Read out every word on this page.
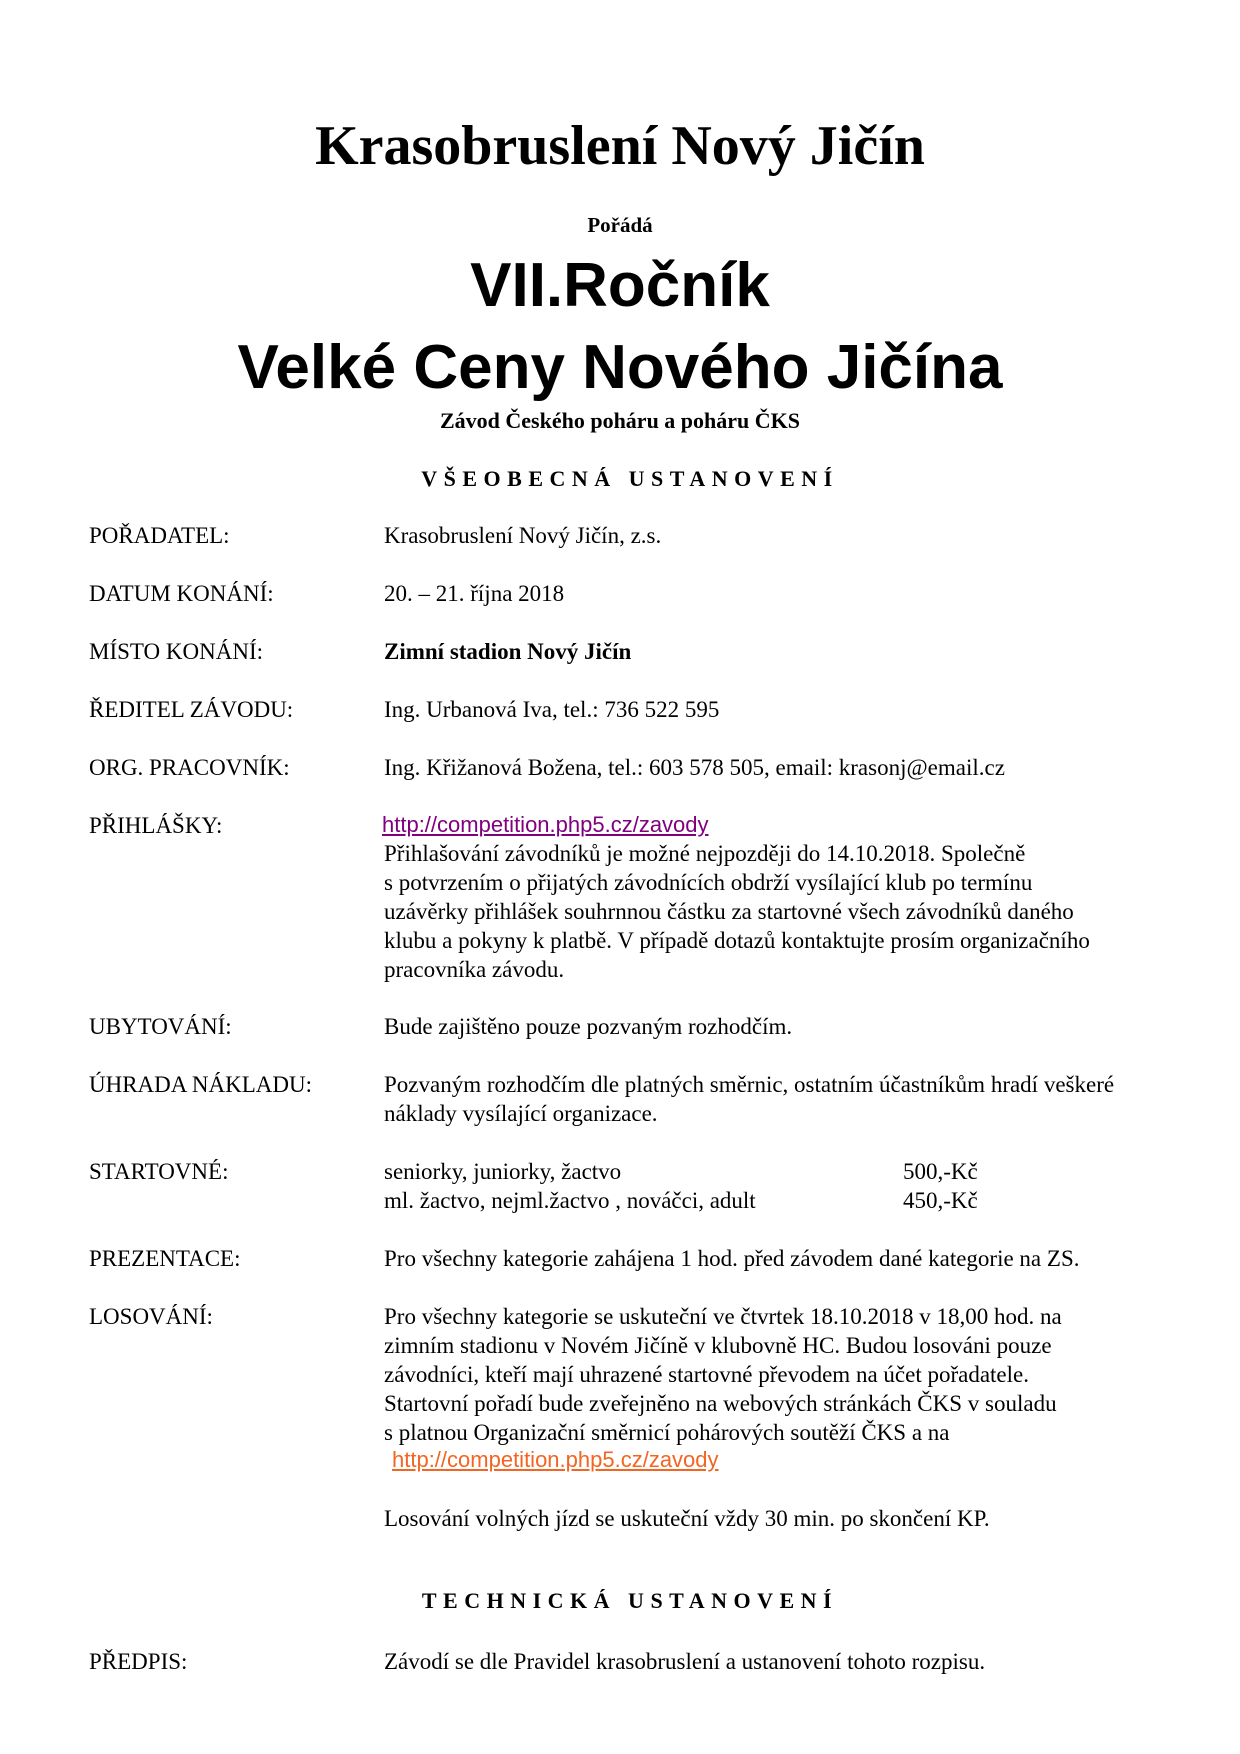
Krasobruslení Nový Jičín
Pořádá
VII.Ročník
Velké Ceny Nového Jičína
Závod Českého poháru a poháru ČKS
VŠEOBECNÁ USTANOVENÍ
POŘADATEL:	Krasobruslení Nový Jičín, z.s.
DATUM KONÁNÍ:	20. – 21. října 2018
MÍSTO KONÁNÍ:	Zimní stadion Nový Jičín
ŘEDITEL ZÁVODU:	Ing. Urbanová Iva, tel.: 736 522 595
ORG. PRACOVNÍK:	Ing. Křižanová Božena, tel.: 603 578 505, email: krasonj@email.cz
PŘIHLÁŠKY:	http://competition.php5.cz/zavody
Přihlašování závodníků je možné nejpozději do 14.10.2018. Společně
s potvrzením o přijatých závodnících obdrží vysílající klub po termínu
uzávěrky přihlášek souhrnnou částku za startovné všech závodníků daného
klubu a pokyny k platbě. V případě dotazů kontaktujte prosím organizačního
pracovníka závodu.
UBYTOVÁNÍ:	Bude zajištěno pouze pozvaným rozhodčím.
ÚHRADA NÁKLADU:	Pozvaným rozhodčím dle platných směrnic, ostatním účastníkům hradí veškeré
náklady vysílající organizace.
STARTOVNÉ:	seniorky, juniorky, žactvo	500,-Kč
ml. žactvo, nejml.žactvo , nováčci, adult	450,-Kč
PREZENTACE:	Pro všechny kategorie zahájena 1 hod. před závodem dané kategorie na ZS.
LOSOVÁNÍ:	Pro všechny kategorie se uskuteční ve čtvrtek 18.10.2018 v 18,00 hod. na
zimním stadionu v Novém Jičíně v klubovně HC. Budou losováni pouze
závodníci, kteří mají uhrazené startovné převodem na účet pořadatele.
Startovní pořadí bude zveřejněno na webových stránkách ČKS v souladu
s platnou Organizační směrnicí pohárových soutěží ČKS a na
http://competition.php5.cz/zavody
Losování volných jízd se uskuteční vždy 30 min. po skončení KP.
TECHNICKÁ USTANOVENÍ
PŘEDPIS:	Závodí se dle Pravidel krasobruslení a ustanovení tohoto rozpisu.
